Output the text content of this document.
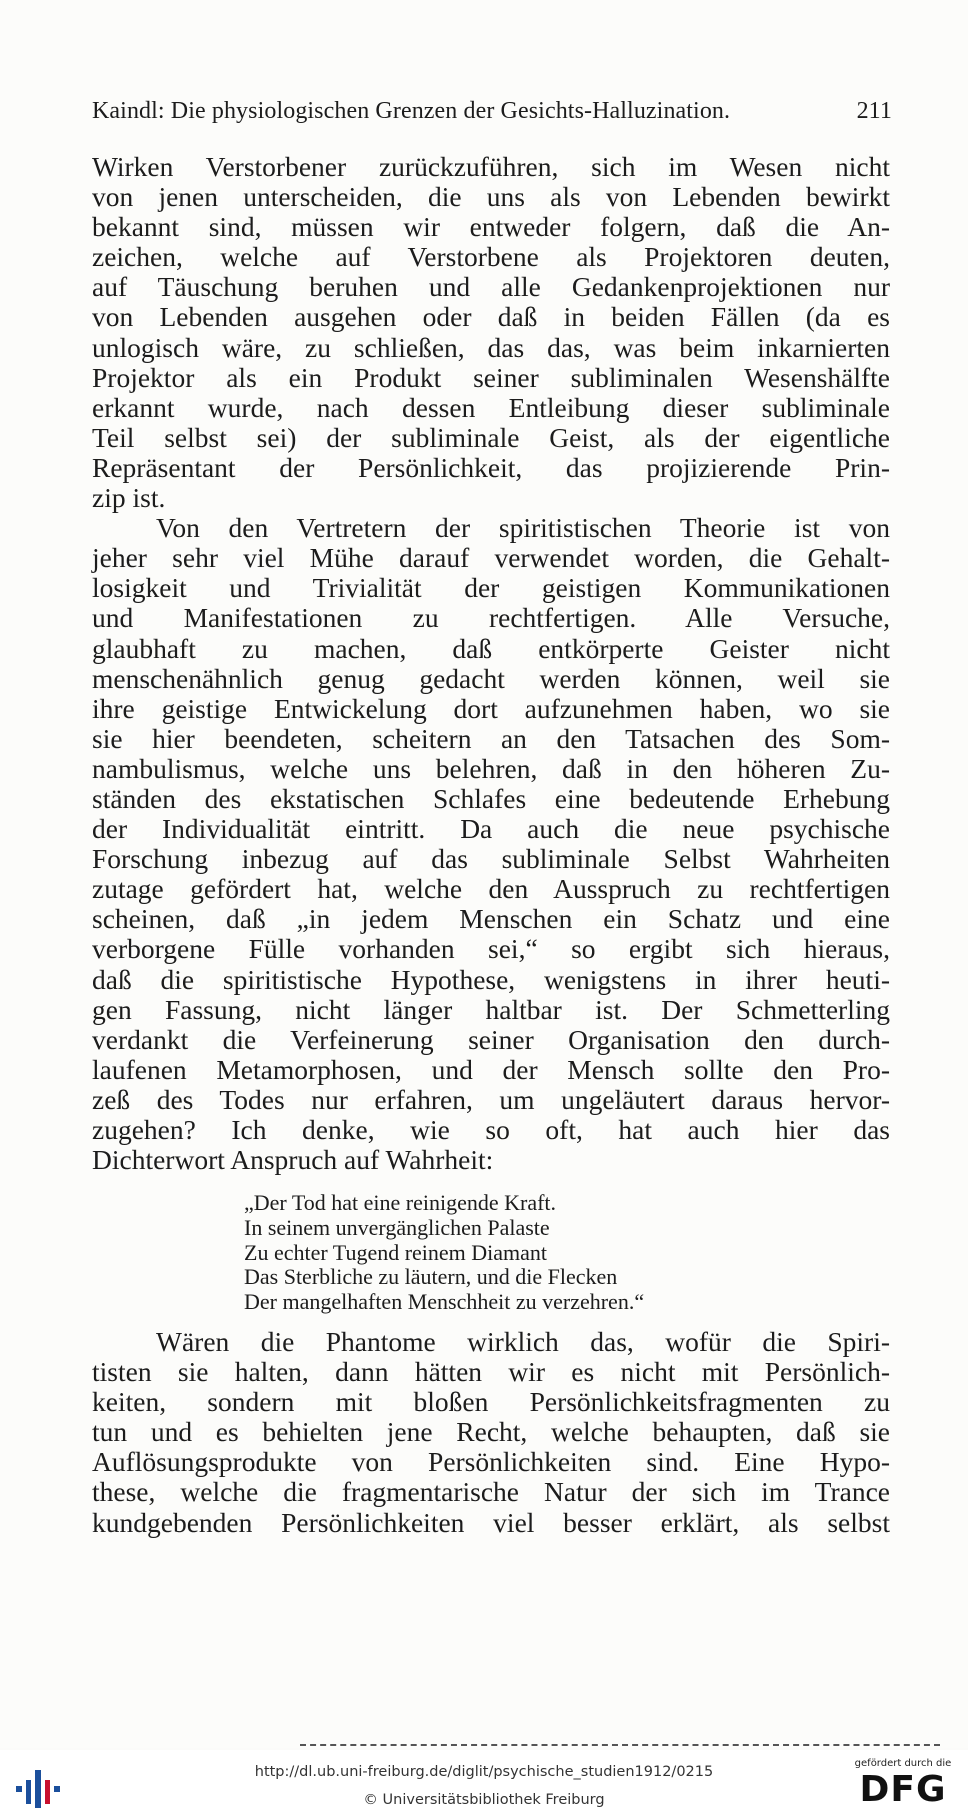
Kaindl: Die physiologischen Grenzen der Gesichts-Halluzination.	211
Wirken Verstorbener zurückzuführen, sich im Wesen nicht
von jenen unterscheiden, die uns als von Lebenden bewirkt
bekannt sind, müssen wir entweder folgern, daß die An-
zeichen, welche auf Verstorbene als Projektoren deuten,
auf Täuschung beruhen und alle Gedankenprojektionen nur
von Lebenden ausgehen oder daß in beiden Fällen (da es
unlogisch wäre, zu schließen, das das, was beim inkarnierten
Projektor als ein Produkt seiner subliminalen Wesenshälfte
erkannt wurde, nach dessen Entleibung dieser subliminale
Teil selbst sei) der subliminale Geist, als der eigentliche
Repräsentant der Persönlichkeit, das projizierende Prin-
zip ist.
Von den Vertretern der spiritistischen Theorie ist von
jeher sehr viel Mühe darauf verwendet worden, die Gehalt-
losigkeit und Trivialität der geistigen Kommunikationen
und Manifestationen zu rechtfertigen. Alle Versuche,
glaubhaft zu machen, daß entkörperte Geister nicht
menschenähnlich genug gedacht werden können, weil sie
ihre geistige Entwickelung dort aufzunehmen haben, wo sie
sie hier beendeten, scheitern an den Tatsachen des Som-
nambulismus, welche uns belehren, daß in den höheren Zu-
ständen des ekstatischen Schlafes eine bedeutende Erhebung
der Individualität eintritt. Da auch die neue psychische
Forschung inbezug auf das subliminale Selbst Wahrheiten
zutage gefördert hat, welche den Ausspruch zu rechtfertigen
scheinen, daß „in jedem Menschen ein Schatz und eine
verborgene Fülle vorhanden sei,“ so ergibt sich hieraus,
daß die spiritistische Hypothese, wenigstens in ihrer heuti-
gen Fassung, nicht länger haltbar ist. Der Schmetterling
verdankt die Verfeinerung seiner Organisation den durch-
laufenen Metamorphosen, und der Mensch sollte den Pro-
zeß des Todes nur erfahren, um ungeläutert daraus hervor-
zugehen? Ich denke, wie so oft, hat auch hier das
Dichterwort Anspruch auf Wahrheit:
„Der Tod hat eine reinigende Kraft.
In seinem unvergänglichen Palaste
Zu echter Tugend reinem Diamant
Das Sterbliche zu läutern, und die Flecken
Der mangelhaften Menschheit zu verzehren.“
Wären die Phantome wirklich das, wofür die Spiri-
tisten sie halten, dann hätten wir es nicht mit Persönlich-
keiten, sondern mit bloßen Persönlichkeitsfragmenten zu
tun und es behielten jene Recht, welche behaupten, daß sie
Auflösungsprodukte von Persönlichkeiten sind. Eine Hypo-
these, welche die fragmentarische Natur der sich im Trance
kundgebenden Persönlichkeiten viel besser erklärt, als selbst
http://dl.ub.uni-freiburg.de/diglit/psychische_studien1912/0215
© Universitätsbibliothek Freiburg
gefördert durch die
DFG
